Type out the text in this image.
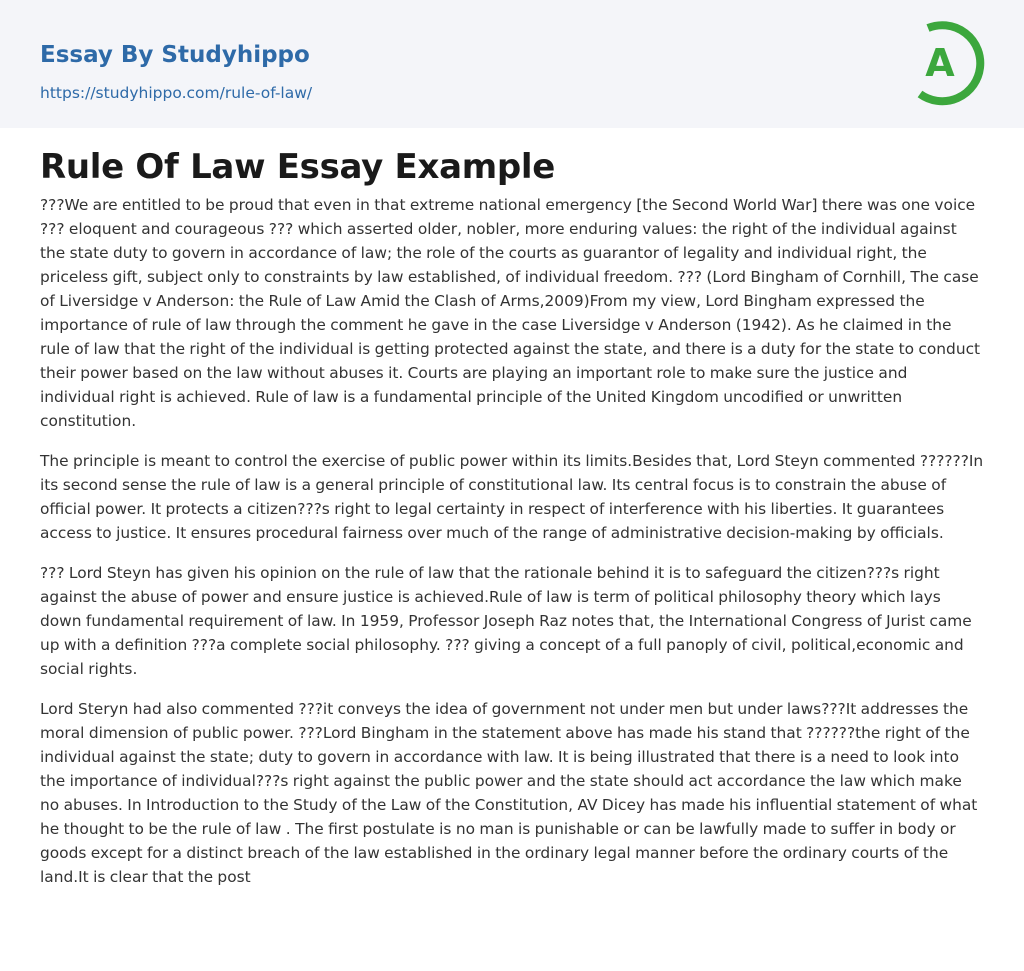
Essay By Studyhippo
https://studyhippo.com/rule-of-law/
A
Rule Of Law Essay Example

???We are entitled to be proud that even in that extreme national emergency [the Second World War] there was one voice ??? eloquent and courageous ??? which asserted older, nobler, more enduring values: the right of the individual against the state duty to govern in accordance of law; the role of the courts as guarantor of legality and individual right, the priceless gift, subject only to constraints by law established, of individual freedom. ??? (Lord Bingham of Cornhill, The case of Liversidge v Anderson: the Rule of Law Amid the Clash of Arms,2009)From my view, Lord Bingham expressed the importance of rule of law through the comment he gave in the case Liversidge v Anderson (1942). As he claimed in the rule of law that the right of the individual is getting protected against the state, and there is a duty for the state to conduct their power based on the law without abuses it. Courts are playing an important role to make sure the justice and individual right is achieved. Rule of law is a fundamental principle of the United Kingdom uncodified or unwritten constitution.

The principle is meant to control the exercise of public power within its limits.Besides that, Lord Steyn commented ??????In its second sense the rule of law is a general principle of constitutional law. Its central focus is to constrain the abuse of official power. It protects a citizen???s right to legal certainty in respect of interference with his liberties. It guarantees access to justice. It ensures procedural fairness over much of the range of administrative decision-making by officials.

??? Lord Steyn has given his opinion on the rule of law that the rationale behind it is to safeguard the citizen???s right against the abuse of power and ensure justice is achieved.Rule of law is term of political philosophy theory which lays down fundamental requirement of law. In 1959, Professor Joseph Raz notes that, the International Congress of Jurist came up with a definition ???a complete social philosophy. ??? giving a concept of a full panoply of civil, political,economic and social rights.

Lord Steryn had also commented ???it conveys the idea of government not under men but under laws???It addresses the moral dimension of public power. ???Lord Bingham in the statement above has made his stand that ??????the right of the individual against the state; duty to govern in accordance with law. It is being illustrated that there is a need to look into the importance of individual???s right against the public power and the state should act accordance the law which make no abuses. In Introduction to the Study of the Law of the Constitution, AV Dicey has made his influential statement of what he thought to be the rule of law . The first postulate is no man is punishable or can be lawfully made to suffer in body or goods except for a distinct breach of the law established in the ordinary legal manner before the ordinary courts of the land.It is clear that the post
